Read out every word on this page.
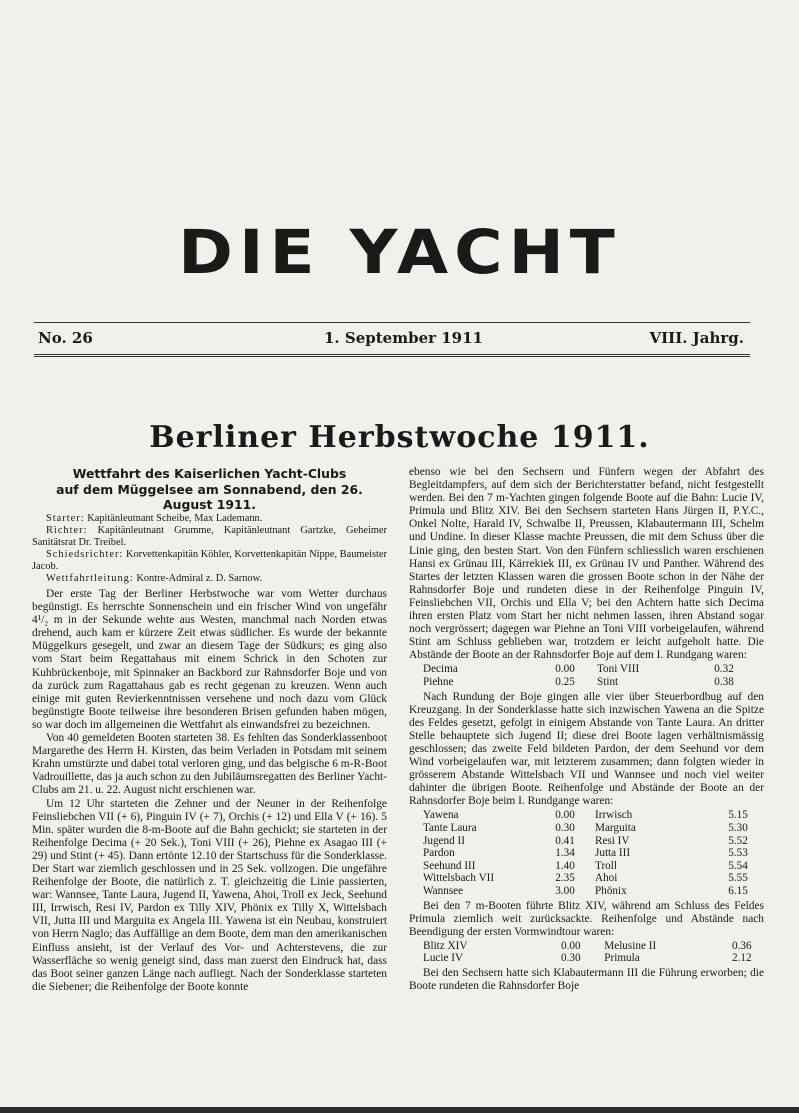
DIE YACHT
No. 26	1. September 1911	VIII. Jahrg.
Berliner Herbstwoche 1911.
Wettfahrt des Kaiserlichen Yacht-Clubs
auf dem Müggelsee am Sonnabend, den 26. August 1911.

Starter: Kapitänleutnant Scheibe, Max Lademann.

Richter: Kapitänleutnant Grumme, Kapitänleutnant Gartzke, Geheimer Sanitätsrat Dr. Treibel.

Schiedsrichter: Korvettenkapitän Köhler, Korvettenkapitän Nippe, Baumeister Jacob.

Wettfahrtleitung: Kontre-Admiral z. D. Sarnow.

Der erste Tag der Berliner Herbstwoche war vom Wetter durchaus begünstigt. Es herrschte Sonnenschein und ein frischer Wind von ungefähr 4¹/₂ m in der Sekunde wehte aus Westen, manchmal nach Norden etwas drehend, auch kam er kürzere Zeit etwas südlicher. Es wurde der bekannte Müggelkurs gesegelt, und zwar an diesem Tage der Südkurs; es ging also vom Start beim Regattahaus mit einem Schrick in den Schoten zur Kuhbrückenboje, mit Spinnaker an Backbord zur Rahnsdorfer Boje und von da zurück zum Ragattahaus gab es recht gegenan zu kreuzen. Wenn auch einige mit guten Revierkenntnissen versehene und noch dazu vom Glück begünstigte Boote teilweise ihre besonderen Brisen gefunden haben mögen, so war doch im allgemeinen die Wettfahrt als einwandsfrei zu bezeichnen.

Von 40 gemeldeten Booten starteten 38. Es fehlten das Sonderklassenboot Margarethe des Herrn H. Kirsten, das beim Verladen in Potsdam mit seinem Krahn umstürzte und dabei total verloren ging, und das belgische 6 m-R-Boot Vadrouillette, das ja auch schon zu den Jubiläumsregatten des Berliner Yacht-Clubs am 21. u. 22. August nicht erschienen war.

Um 12 Uhr starteten die Zehner und der Neuner in der Reihenfolge Feinsliebchen VII (+ 6), Pinguin IV (+ 7), Orchis (+ 12) und Ella V (+ 16). 5 Min. später wurden die 8-m-Boote auf die Bahn gechickt; sie starteten in der Reihenfolge Decima (+ 20 Sek.), Toni VIII (+ 26), Piehne ex Asagao III (+ 29) und Stint (+ 45). Dann ertönte 12.10 der Startschuss für die Sonderklasse. Der Start war ziemlich geschlossen und in 25 Sek. vollzogen. Die ungefähre Reihenfolge der Boote, die natürlich z. T. gleichzeitig die Linie passierten, war: Wannsee, Tante Laura, Jugend II, Yawena, Ahoi, Troll ex Jeck, Seehund III, Irrwisch, Resi IV, Pardon ex Tilly XIV, Phönix ex Tilly X, Wittelsbach VII, Jutta III und Marguita ex Angela III. Yawena ist ein Neubau, konstruiert von Herrn Naglo; das Auffällige an dem Boote, dem man den amerikanischen Einfluss ansieht, ist der Verlauf des Vor- und Achterstevens, die zur Wasserfläche so wenig geneigt sind, dass man zuerst den Eindruck hat, dass das Boot seiner ganzen Länge nach aufliegt. Nach der Sonderklasse starteten die Siebener; die Reihenfolge der Boote konnte

ebenso wie bei den Sechsern und Fünfern wegen der Abfahrt des Begleitdampfers, auf dem sich der Berichterstatter befand, nicht festgestellt werden. Bei den 7 m-Yachten gingen folgende Boote auf die Bahn: Lucie IV, Primula und Blitz XIV. Bei den Sechsern starteten Hans Jürgen II, P.Y.C., Onkel Nolte, Harald IV, Schwalbe II, Preussen, Klabautermann III, Schelm und Undine. In dieser Klasse machte Preussen, die mit dem Schuss über die Linie ging, den besten Start. Von den Fünfern schliesslich waren erschienen Hansi ex Grünau III, Kärrekiek III, ex Grünau IV und Panther. Während des Startes der letzten Klassen waren die grossen Boote schon in der Nähe der Rahnsdorfer Boje und rundeten diese in der Reihenfolge Pinguin IV, Feinsliebchen VII, Orchis und Ella V; bei den Achtern hatte sich Decima ihren ersten Platz vom Start her nicht nehmen lassen, ihren Abstand sogar noch vergrössert; dagegen war Piehne an Toni VIII vorbeigelaufen, während Stint am Schluss geblieben war, trotzdem er leicht aufgeholt hatte. Die Abstände der Boote an der Rahnsdorfer Boje auf dem I. Rundgang waren:

Decima	0.00	Toni VIII	0.32
Piehne	0.25	Stint	0.38

Nach Rundung der Boje gingen alle vier über Steuerbordbug auf den Kreuzgang. In der Sonderklasse hatte sich inzwischen Yawena an die Spitze des Feldes gesetzt, gefolgt in einigem Abstande von Tante Laura. An dritter Stelle behauptete sich Jugend II; diese drei Boote lagen verhältnismässig geschlossen; das zweite Feld bildeten Pardon, der dem Seehund vor dem Wind vorbeigelaufen war, mit letzterem zusammen; dann folgten wieder in grösserem Abstande Wittelsbach VII und Wannsee und noch viel weiter dahinter die übrigen Boote. Reihenfolge und Abstände der Boote an der Rahnsdorfer Boje beim I. Rundgange waren:

Yawena	0.00	Irrwisch	5.15
Tante Laura	0.30	Marguita	5.30
Jugend II	0.41	Resi IV	5.52
Pardon	1.34	Jutta III	5.53
Seehund III	1.40	Troll	5.54
Wittelsbach VII	2.35	Ahoi	5.55
Wannsee	3.00	Phönix	6.15

Bei den 7 m-Booten führte Blitz XIV, während am Schluss des Feldes Primula ziemlich weit zurücksackte. Reihenfolge und Abstände nach Beendigung der ersten Vormwindtour waren:

Blitz XIV	0.00	Melusine II	0.36
Lucie IV	0.30	Primula	2.12

Bei den Sechsern hatte sich Klabautermann III die Führung erworben; die Boote rundeten die Rahnsdorfer Boje
